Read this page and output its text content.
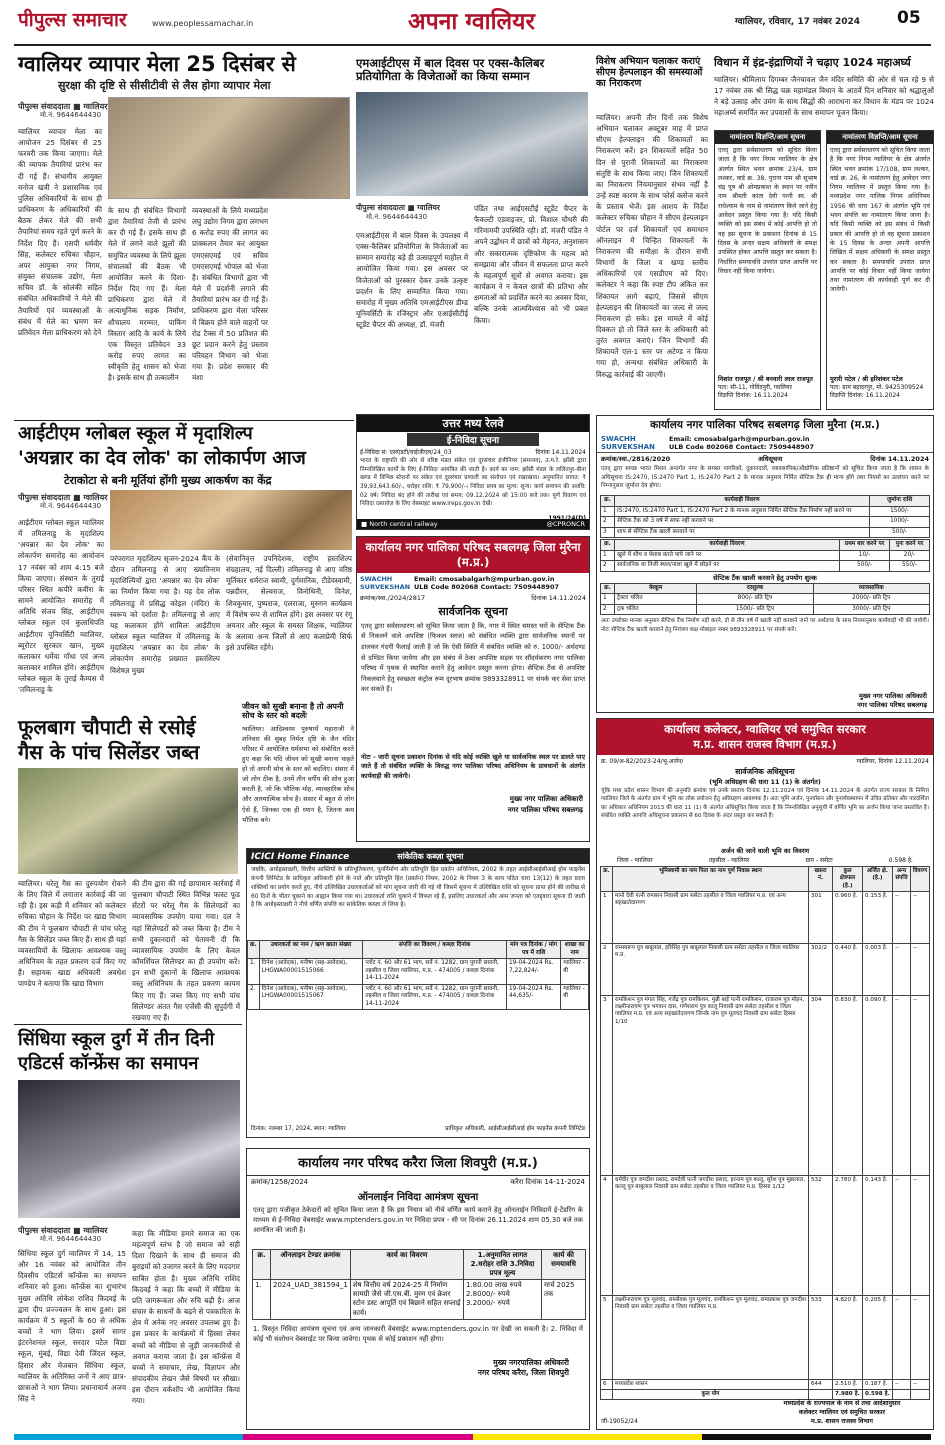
पीपुल्स समाचार	www.peoplessamachar.in	अपना ग्वालियर	ग्वालियर, रविवार, 17 नवंबर 2024 05
ग्वालियर व्यापार मेला 25 दिसंबर से
सुरक्षा की दृष्टि से सीसीटीवी से लैस होगा व्यापार मेला
पीपुल्स संवाददाता ■ ग्वालियर
मो.नं. 9644644430
ग्वालियर व्यापार मेला का आयोजन 25 दिसंबर से 25 फरवरी तक किया जाएगा। मेले की व्यापक तैयारियां प्रारंभ कर दी गई हैं। संभागीय आयुक्त मनोज खत्री ने प्रशासनिक एवं पुलिस अधिकारियों के साथ ही प्राधिकरण के अधिकारियों की बैठक लेकर मेले की सभी तैयारियां समय रहते पूर्ण करने के निर्देश दिए हैं। एसपी धर्मवीर सिंह, कलेक्टर रुचिका चौहान, अपर आयुक्त नगर निगम, संयुक्त संचालक उद्योग, मेला सचिव डॉ. के सोलंकी सहित संबंधित अधिकारियों ने मेले की तैयारियों एवं व्यवस्थाओं के संबंध में मेले का भ्रमण कर प्रतिवेदन मेला प्राधिकरण को देने
के साथ ही संबंधित विभागों द्वारा तैयारियां तेजी से प्रारंभ कर दी गई हैं। इसके साथ ही मेले में लगने वाले झूलों की समुचित व्यवस्था के लिये झूला संचालकों की बैठक भी आयोजित करने के दिशा-निर्देश दिए गए हैं। मेला प्राधिकरण द्वारा मेले में अत्याधुनिक सड़क निर्माण, शौचालय मरम्मत, पाकिंग विस्तार आदि के कार्य के लिये एक विस्तृत प्रतिवेदन 33 करोड़ रुपए लागत का स्वीकृति हेतु शासन को भेजा है। इसके साथ ही तत्कालीन
व्यवस्थाओं के लिये मध्यप्रदेश लघु उद्योग निगम द्वारा लगभग 6 करोड़ रुपए की लागत का प्राक्कलन तैयार कर आयुक्त एमएसएमई एवं सचिव एमएसएमई भोपाल को भेजा है। संबंधित विभागों द्वारा भी मेले में प्रदर्शनी लगाने की तैयारियां प्रारंभ कर दी गई हैं। प्राधिकरण द्वारा मेला परिसर में बिक्रय होने वाले वाहनों पर रोड टैक्स में 50 प्रतिशत की छूट प्रदान करने हेतु प्रस्ताव परिवहन विभाग को भेजा गया है। प्रदेश सरकार की मंशा
एमआईटीएस में बाल दिवस पर एक्स-कैलिबर प्रतियोगिता के विजेताओं का किया सम्मान
पीपुल्स संवाददाता ■ ग्वालियर
मो.नं. 9644644430
एमआईटीएस में बाल दिवस के उपलक्ष्य में एक्स-कैलिबर प्रतियोगिता के विजेताओं का सम्मान समारोह बड़े ही उत्साहपूर्ण माहौल में आयोजित किया गया। इस अवसर पर विजेताओं को पुरस्कार देकर उनके उत्कृष्ट प्रदर्शन के लिए सम्मानित किया गया। समारोह में मुख्य अतिथि एमआईटीएस डीम्ड यूनिवर्सिटी के रजिस्ट्रार और एआईसीटीई स्टूडेंट चैप्टर की अध्यक्ष, डॉ. मंजरी
पंडित तथा आईएसटीई स्टूडेंट चैप्टर के फैकल्टी एडवाइजर, प्रो. विशाल चौधरी की गरिमामयी उपस्थिति रही। डॉ. मंजरी पंडित ने अपने उद्बोधन में छात्रों को मेहनत, अनुशासन और सकारात्मक दृष्टिकोण के महत्व को समझाया और जीवन में सफलता प्राप्त करने के महत्वपूर्ण सूत्रों से अवगत कराया। इस कार्यक्रम ने न केवल छात्रों की प्रतिभा और क्षमताओं को प्रदर्शित करने का अवसर दिया, बल्कि उनके आत्मविश्वास को भी प्रबल किया।
विशेष अभियान चलाकर कराएं सीएम हेल्पलाइन की समस्याओं का निराकरण
ग्वालियर। अपनी तीन दिनों तक विशेष अभियान चलाकर अक्टूबर माह में प्राप्त सीएम हेल्पलाइन की शिकायतों का निराकरण करें। इन शिकायतों सहित 50 दिन से पुरानी शिकायतों का निराकरण संतुष्टि के साथ किया जाए। जिन शिकायतों का निराकरण नियमानुसार संभव नहीं है उन्हें स्पष्ट कारण के साथ फोर्स क्लोज करने के प्रस्ताव भेजें। इस आशय के निर्देश कलेक्टर रुचिका चौहान ने सीएम हेल्पलाइन पोर्टल पर दर्ज शिकायतों एवं समाधान ऑनलाइन में चिन्हित शिकायतों के निराकरण की समीक्षा के दौरान सभी विभागों के जिला व खण्ड स्तरीय अधिकारियों एवं एसडीएम को दिए। कलेक्टर ने कहा कि स्पष्ट टीप अंकित कर शिकायत आगे बढ़ाएं, जिससे सीएम हेल्पलाइन की शिकायतों का जल्द से जल्द निराकरण हो सके। इस मामले में कोई दिक्कत हो तो जिले स्तर के अधिकारी को तुरंत अवगत कराएं। जिन विभागों की शिकायतें एल-1 स्तर पर अटेण्ड न किया गया हो, अन्यथा संबंधित अधिकारी के विरुद्ध कार्रवाई की जाएगी।
विधान में इंद्र-इंद्राणियों ने चढ़ाए 1024 महाअर्घ्य
ग्वालियर। श्रीमिलाप दिगम्बर जैनचावल जैन मंदिर समिति की ओर से चल रहे 9 से 17 नवंबर तक श्री सिद्ध चक्र महामंडल विधान के आठवें दिन शनिवार को श्रद्धालुओं ने बड़े उत्साह और उमंग के साथ सिद्धों की आराधना कर विधान के मंडप पर 1024 महाअर्घ्य समर्पित कर उपवासों के साथ समापन पूजन किया।
नामांतरण विज्ञप्ति/आम सूचना
एतद् द्वारा सर्वसाधारण को सूचित किया जाता है कि नगर निगम ग्वालियर के क्षेत्र अंतर्गत स्थित भवन क्रमांक 23/4, ग्राम लश्कर, वार्ड क्र. 38, पुराना नाम श्री सुभाष चंद्र पुत्र श्री ओमप्रकाश के स्थान पर नवीन नाम श्रीमती कांता देवी पत्नी स्व. श्री राधेश्याम के नाम से नामांतरण किये जाने हेतु आवेदन प्रस्तुत किया गया है। यदि किसी व्यक्ति को इस संबंध में कोई आपत्ति हो तो वह इस सूचना के प्रकाशन दिनांक से 15 दिवस के अन्दर सक्षम अधिकारी के समक्ष उपस्थित होकर आपत्ति प्रस्तुत कर सकता है। निर्धारित समयावधि उपरांत प्राप्त आपत्ति पर विचार नहीं किया जायेगा।
निशांत राजपूत / श्री बनवारी लाल राजपूत
पता: सी-11, गोविंदपुरी, ग्वालियर
विज्ञप्ति दिनांक: 16.11.2024
नामांतरण विज्ञप्ति/आम सूचना
एतद् द्वारा सर्वसाधारण को सूचित किया जाता है कि नगर निगम ग्वालियर के क्षेत्र अंतर्गत स्थित भवन क्रमांक 17/108, ग्राम लश्कर, वार्ड क्र. 26, के नामांतरण हेतु आवेदन नगर निगम ग्वालियर में प्रस्तुत किया गया है। मध्यप्रदेश नगर पालिक निगम अधिनियम 1956 की धारा 167 के अंतर्गत भूमि एवं भवन संपत्ति का नामांतरण किया जाना है। यदि किसी व्यक्ति को इस संबंध में किसी प्रकार की आपत्ति हो तो वह सूचना प्रकाशन के 15 दिवस के अन्दर अपनी आपत्ति लिखित में सक्षम अधिकारी के समक्ष प्रस्तुत कर सकता है। समयावधि उपरांत प्राप्त आपत्ति पर कोई विचार नहीं किया जायेगा तथा नामांतरण की कार्यवाही पूर्ण कर दी जायेगी।
मुरारी पटेल / श्री हरिशंकर पटेल
पता: ग्राम बहादरपुर, मो. 9425309524
विज्ञप्ति दिनांक: 16.11.2024
आईटीएम ग्लोबल स्कूल में मृदाशिल्प
'अयन्नार का देव लोक' का लोकार्पण आज
टेराकोटा से बनी मूर्तियां होंगी मुख्य आकर्षण का केंद्र
पीपुल्स संवाददाता ■ ग्वालियर
मो.नं. 9644644430
आईटीएम ग्लोबल स्कूल ग्वालियर में तमिलनाडु के मृदाशिल्प 'अयन्नार का देव लोक' का लोकार्पण समारोह का आयोजन 17 नवंबर को शाम 4:15 बजे किया जाएगा। संस्थान के तुराई परिसर स्थित कपीरे कवीरा के सामने आयोजित समारोह में अतिथि संजय सिंह, आईटीएम ग्लोबल स्कूल एवं कुलाधिपति आईटीएम यूनिवर्सिटी ग्वालियर, ब्यूरोटर सुरकार खान, मुख्य कलाकार धर्मेया गाँधा एवं अन्य कलाकार शामिल होंगे। आईटीएम ग्लोबल स्कूल के तुराई कैम्पस में 'तमिलनाडु के
परंपरागत मृदाशिल्प सृजन-2024 कैंप के दौरान तमिलनाडु से आए ख्यातिनाम मृदाशिल्पियों द्वारा 'अयन्नार का देव लोक' का निर्माण किया गया है। यह देव लोक तमिलनाडु में प्रसिद्ध कोइल (मंदिर) के स्वरूप को दर्शाता है। तमिलनाडु से आए यह कलाकार होंगे शामिलः आईटीएम ग्लोबल स्कूल ग्वालियर में तमिलनाडु के मृदाशिल्प 'अयन्नार का देव लोक' के लोकार्पण समारोह प्रख्यात हस्तशिल्प विशेषज्ञ मुख्य
(सेवानिवृत्त उपनिदेशक, राष्ट्रीय हस्तशिल्प संग्रहालय, नई दिल्ली) तमिलनाडु से आए वरिष्ठ मूर्तिकार धर्मराज स्वामी, दुर्गमानिक, टीडेवस्वामी, पन्नदीरन, सेल्वराज, विनोथिनी, विनेश, शिवकुमार, पुष्पराज, एलराजा, मुरुगन कार्यक्रम में विशेष रूप से शामिल होंगे। इस अवसर पर रंगू अयनार और स्कूल के समस्त शिक्षक, ग्वालियर के अलावा अन्य जिलों से आए कलाप्रेमी सिर्फ इसे उपस्थित रहेंगे।
जीवन को सुखी बनाना है तो अपनी सोच के स्तर को बदलेंः
ग्वालियर। आदिश्वरम पुरुषार्थ महाराजी ने शनिवार की सुबह निर्मल दृष्टि के जैन मंदिर परिसर में आयोजित धर्मसभा को संबोधित करते हुए कहा कि यदि जीवन को सुखी बनाना चाहते हो तो अपनी सोच के स्तर को बदलिए। संसार में जो लोग ठीक है, उनमें तीन वर्गीय की सोच हुआ करती है, जो कि भौतिक मोह, व्यावहारिक सोच और आध्यात्मिक सोच है। संसार में बहुत से लोग ऐसे हैं, जिनका एक ही ध्यान है, जितना कम भौतिक बने।
फूलबाग चौपाटी से रसोई
गैस के पांच सिलेंडर जब्त
ग्वालियर। घरेलू गैस का दुरुपयोग रोकने के लिए जिले में लगातार कार्रवाई की जा रही है। इस कड़ी में शनिवार को कलेक्टर रुचिका चौहान के निर्देश पर खाद्य विभाग की टीम ने फूलबाग चौपाटी से पांच घरेलू गैस के सिलेंडर जब्त किए हैं। साथ ही यहां व्यवसायियों के खिलाफ आवश्यक वस्तु अधिनियम के तहत प्रकरण दर्ज किए गए हैं। सहायक खाद्य अधिकारी अवधेश पाण्डेय ने बताया कि खाद्य विभाग
की टीम द्वारा की गई छापामार कार्रवाई में फूलबाग चौपाटी स्थित विभिन्न फास्ट फूड सेंटरों पर घरेलू गैस के सिलेण्डरों का व्यावसायिक उपयोग पाया गया। दल ने यहां सिलेण्डरों को जब्त किया है। टीम ने सभी दुकानदारों को चेतावनी दी कि व्यावसायिक उपयोग के लिए केवल कॉमर्शियल सिलेण्डर का ही उपयोग करें। इन सभी दुकानों के खिलाफ आवश्यक वस्तु अधिनियम के तहत प्रकरण कायम किए गए हैं। जब्त किए गए सभी पांच सिलेण्डर अंतत गैस एजेंसी की सुपुर्दगी में रखवाए गए हैं।
सिंधिया स्कूल दुर्ग में तीन दिनी
एडिटर्स कॉन्फ्रेंस का समापन
पीपुल्स संवाददाता ■ ग्वालियर
मो.नं. 9644644430
सिंधिया स्कूल दुर्ग ग्वालियर में 14, 15 और 16 नवंबर को आयोजित तीन दिवसीय एडिटर्स कॉन्फ्रेंस का समापन शनिवार को हुआ। कॉन्फ्रेंस का शुभारंभ मुख्य अतिथि लोकेश राशिद किदवई के द्वारा दीप प्रज्ज्वलन के साथ हुआ। इस कार्यक्रम में 5 स्कूलों के 60 से अधिक बच्चों ने भाग लिया। इसमें सागर इंटरनेशनल स्कूल, सरदार पटेल विद्या स्कूल, मुंबई, विद्या देवी जिंदल स्कूल, हिसार और मेजबान सिंधिया स्कूल, ग्वालियर के अतिरिक्त जनों ने आए छात्र-छात्राओं ने भाग लिया। प्रधानाचार्य अजय सिंह ने
कहा कि मीडिया हमारे समाज का एक महत्वपूर्ण स्तंभ है जो समाज को सही दिशा दिखाने के साथ ही समाज की बुराइयों को उजागर करने के लिए मददगार साबित होता है। मुख्य अतिथि राशिद किदवई ने कहा कि बच्चों में मीडिया के प्रति जागरूकता और रुचि बढ़ी है। आज संचार के साधनों के बढ़ने से पत्रकारिता के क्षेत्र में अनेक नए अवसर उपलब्ध हुए हैं। इस प्रकार के कार्यक्रमों में हिस्सा लेकर बच्चों को मीडिया से जुड़ी जानकारियों से अवगत कराया जाता है। इस कॉन्फ्रेंस में बच्चों ने समाचार, लेख, विज्ञापन और संपादकीय लेखन जैसे विषयों पर सीखा। इस दौरान वर्कशॉप भी आयोजित किया गया।
उत्तर मध्य रेलवे
ई-निविदा सूचना
ई-निविदा सं: एसएंडटी/वाईजीएल/24_03	दिनांक 14.11.2024
भारत के राष्ट्रपति की ओर से वरिष्ठ मंडल संकेत एवं दूरसंचार इंजीनियर (समन्वय), उ.म.रे. झाँसी द्वारा निम्नलिखित कार्यों के लिए ई-निविदा आमंत्रित की जाती है। कार्य का नाम: झाँसी मंडल के ललितपुर-बीना खण्ड में विभिन्न स्टेशनों पर संकेत एवं दूरसंचार प्रणाली का संशोधन एवं रखरखाव। अनुमानित लागत: ₹ 39,93,643.60/-, धरोहर राशि: ₹ 79,900/-। निविदा प्रपत्र का मूल्य: शून्य। कार्य समापन की अवधि: 02 वर्ष। निविदा बंद होने की तारीख एवं समय: 09.12.2024 को 15:00 बजे तक। पूर्ण विवरण एवं निविदा दस्तावेज़ के लिए वेबसाइट www.ireps.gov.in देखें।
■ North central railway	@CPRONCR
कार्यालय नगर पालिका परिषद सबलगढ़ जिला मुरैना (म.प्र.)
SWACHH SURVEKSHAN
Email: cmosabalgarh@mpurban.gov.in
ULB Code 802068 Contact: 7509448907
क्रमांक/स्वा./2024/2817	दिनांक 14.11.2024
सार्वजनिक सूचना
एतद् द्वारा सर्वसाधारण को सूचित किया जाता है कि, नगर में स्थित समस्त घरों के सेप्टिक टैंक से निकलने वाले अपशिष्ट (फिकल स्लज) को संबंधित व्यक्ति द्वारा सार्वजनिक स्थानों पर डालकर गंदगी फैलाई जाती है जो कि ऐसी स्थिति में संबंधित व्यक्ति को रु. 1000/- अर्थदण्ड से दण्डित किया जायेगा और इस संबंध में ठेका अपशिष्ट सड़क पर सौंदर्यकरण नगर पालिका परिषद में पृथक से स्थापित कराने हेतु आवेदन प्रस्तुत करना होगा। सेप्टिक टैंक से अपशिष्ट निकलवाने हेतु स्वच्छता कंट्रोल रूम दूरभाष क्रमांक 9893328911 पर संपर्क कर सेवा प्राप्त कर सकते हैं।
नोटः - जारी सूचना प्रकाशन दिनांक से यदि कोई व्यक्ति खुले या सार्वजनिक स्थल पर डालते पाए जाते हैं तो संबंधित व्यक्ति के विरुद्ध नगर पालिका परिषद अधिनियम के प्रावधानों के अंतर्गत कार्यवाही की जावेगी।
मुख्य नगर पालिका अधिकारी
नगर पालिका परिषद सबलगढ़
ICICI Home Finance	सांकेतिक कब्ज़ा सूचना
जबकि, अधोहस्ताक्षरी, वित्तीय आस्तियों के प्रतिभूतिकरण, पुनर्निर्माण और प्रतिभूति हित प्रवर्तन अधिनियम, 2002 के तहत आईसीआईसीआई होम फाइनेंस कंपनी लिमिटेड के प्राधिकृत अधिकारी होने के नाते और प्रतिभूति हित (प्रवर्तन) नियम, 2002 के नियम 3 के साथ पठित धारा 13(12) के तहत प्रदत्त शक्तियों का प्रयोग करते हुए, नीचे उल्लिखित उधारकर्ताओं को मांग सूचना जारी की गई थी जिसमें सूचना में उल्लिखित राशि को सूचना प्राप्त होने की तारीख से 60 दिनों के भीतर चुकाने का आह्वान किया गया था। उधारकर्ता राशि चुकाने में विफल रहे हैं, इसलिए उधारकर्ता और आम जनता को एतद्द्वारा सूचना दी जाती है कि अधोहस्ताक्षरी ने नीचे वर्णित संपत्ति का सांकेतिक कब्ज़ा ले लिया है।
क्र.	उधारकर्ता का नाम / ऋण खाता संख्या	संपत्ति का विवरण / कब्ज़ा दिनांक	मांग पत्र दिनांक / मांग पत्र में राशि	शाखा का नाम
1.	दिनेश (आवेदक), मनीषा (सह-आवेदक), LHGWA00001515066	प्लॉट नं. 60 और 61 भाग, सर्वे नं. 1282, ग्राम पुरानी छावनी, तहसील व जिला ग्वालियर, म.प्र. - 474005 / कब्ज़ा दिनांक 14-11-2024	19-04-2024 Rs. 7,22,824/-	ग्वालियर - बी
2.	दिनेश (आवेदक), मनीषा (सह-आवेदक), LHGWA00001515067	प्लॉट नं. 60 और 61 भाग, सर्वे नं. 1282, ग्राम पुरानी छावनी, तहसील व जिला ग्वालियर, म.प्र. - 474005 / कब्ज़ा दिनांक 14-11-2024	19-04-2024 Rs. 44,635/-	ग्वालियर - बी
दिनांक: नवम्बर 17, 2024, स्थान: ग्वालियर	प्राधिकृत अधिकारी, आईसीआईसीआई होम फाइनेंस कंपनी लिमिटेड
कार्यालय नगर परिषद करैरा जिला शिवपुरी (म.प्र.)
क्रमांक/1258/2024	करैरा दिनांक 14-11-2024
ऑनलाईन निविदा आमंत्रण सूचना
एतद् द्वारा पंजीकृत ठेकेदारों को सूचित किया जाता है कि इस नियाय को नीचे वर्णित कार्य कराने हेतु ऑनलाईन निविदायें ई-टेंडरिंग के माध्यम से ई-निविदा वेबसाईट www.mptenders.gov.in पर निविदा प्रपत्र - सी पर दिनांक 26.11.2024 शाम 05.30 बजे तक आमंत्रित की जाती है।
क्र.	ऑनलाइन टेण्डर क्रमांक	कार्य का विवरण	1.अनुमानित लागत 2.धरोहर राशि 3.निविदा प्रपत्र मूल्य	कार्य की समयावधि
1.	2024_UAD_381594_1	शेष वित्तीय वर्ष 2024-25 में निर्माण सामग्री जैसे जी.एस.बी. मुरम एवं क्रेशर स्टोन डस्ट आपूर्ति एवं बिछाने सहित सप्लाई कार्य।	1.80.00 लाख रुपये 2.8000/- रुपये 3.2000/- रुपये	मार्च 2025 तक
1. विस्तृत निविदा आमंत्रण सूचना एवं अन्य जानकारी वेबसाईट www.mptenders.gov.in पर देखी जा सकती है। 2. निविदा में कोई भी संशोधन वेबसाईट पर किया जावेगा। पृथक से कोई प्रकाशन नहीं होगा।
मुख्य नगरपालिका अधिकारी
नगर परिषद करैरा, जिला शिवपुरी
कार्यालय नगर पालिका परिषद सबलगढ़ जिला मुरैना (म.प्र.)
SWACHH SURVEKSHAN
Email: cmosabalgarh@mpurban.gov.in
ULB Code 802068 Contact: 7509448907
क्रमांक/स्वा./2816/2020	अधिसूचना	दिनांक 14.11.2024
एतद् द्वारा स्वच्छ भारत मिशन अन्तर्गत नगर के समस्त नागरिकों, दुकानदारों, व्यावसायिक/औद्योगिक प्रतिष्ठानों को सूचित किया जाता है कि शासन के अधिसूचना IS:2470, IS:2470 Part 1, IS:2470 Part 2 के मानक अनुसार निर्मित सेप्टिक टैंक ही मान्य होंगे तथा नियमों का उल्लंघन करने पर निम्नानुसार जुर्माना देय होगा।
क्र.	कार्यवाही विवरण	जुर्माना राशि
1	IS:2470, IS:2470 Part 1, IS:2470 Part 2 के मानक अनुसार निर्मित सेप्टिक टैंक निर्माण नहीं करने पर	1500/-
2	सेप्टिक टैंक को 3 वर्ष में साफ नहीं करवाने पर	1000/-
3	शाप से सेप्टिक टैंक खाली करवाने पर	500/-
क्र.	कार्यवाही विवरण	प्रथम बार करने पर	पुनः करने पर
1	खुले में शौच व पेशाब करते पाये जाने पर	10/-	20/-
2	सार्वजनिक या निजी स्थल/नाला खुले में छोड़ने पर	500/-	550/-
सेप्टिक टैंक खाली करवाने हेतु उपयोग शुल्क
क्र.	वेस्कूम	दरशुल्क	व्यावसायिक
1	ट्रैक्टर चलित	800/- प्रति ट्रिप	2000/- प्रति ट्रिप
2	ट्रक चलित	1500/- प्रति ट्रिप	3000/- प्रति ट्रिप
अतः उपरोक्त मानक अनुसार सेप्टिक टैंक निर्माण नहीं करने, दो से तीन वर्ष में खाली नहीं करवाने जाने पर अर्थदण्ड के साथ नियमानुसार कार्यवाही भी की जायेगी। नोटः सेप्टिक टैंक खाली करवाने हेतु नियंत्रण कक्ष मोबाइल नम्बर 9893328911 पर संपर्क करें।
मुख्य नगर पालिका अधिकारी
नगर पालिका परिषद सबलगढ़
कार्यालय कलेक्टर, ग्वालियर एवं समुचित सरकार
म.प्र. शासन राजस्व विभाग (म.प्र.)
क्र. 09/अ-82/2023-24/भू-अर्जन/	ग्वालियर, दिनांक 12.11.2024
सार्वजनिक अधिसूचना
(भूमि अधिग्रहण की धारा 11 (1) के अंतर्गत)
चूंकि मध्य प्रदेश शासन विभाग की अनुमति क्रमांक एवं उनके प्रस्ताव दिनांक 12.11.2024 एवं दिनांक 14.11.2024 के अंतर्गत राज्य सरकार के निमित्त ग्वालियर जिले के अंतर्गत ग्राम में भूमि का लोक प्रयोजन हेतु अधिग्रहण आवश्यक है। अतः भूमि अर्जन, पुनर्वासन और पुनर्व्यवस्थापन में उचित प्रतिकर और पारदर्शिता का अधिकार अधिनियम 2013 की धारा 11 (1) के अंतर्गत अधिसूचित किया जाता है कि निम्नलिखित अनुसूची में वर्णित भूमि का अर्जन किया जाना प्रस्तावित है। संबंधित व्यक्ति आपत्ति अधिसूचना प्रकाशन से 60 दिवस के अंदर प्रस्तुत कर सकते हैं।
अर्जन की जाने वाली भूमि का विवरण
जिला - ग्वालियर	तहसील - ग्वालियर	ग्राम - ससेटा	0.598 हे.
क्र.	भूमिस्वामी का नाम पिता का नाम पूर्ण निवास स्थान	खसरा नं.	कुल क्षेत्रफल (हे.)	अर्जित क्षे. (हे.)	अन्य संपत्ति	विवरण
1	मानो देवी पत्नी रामबरन निवासी ग्राम ससेटा तहसील व जिला ग्वालियर म.प्र. एवं अन्य सहखातेदारगण	301	0.960 हे.	0.153 हे.	--	--
2	रामस्वरूप पुत्र बाबूलाल, हरिसिंह पुत्र बाबूलाल निवासी ग्राम ससेटा तहसील व जिला ग्वालियर म.प्र.	302/2	0.440 हे.	0.003 हे.	--	--
3	रामकिशन पुत्र मंगल सिंह, गजेंद्र पुत्र रामकिशन, मुन्नी बाई पत्नी रामकिशन, राजाराम पुत्र मोहन, लक्ष्मीनारायण पुत्र भगवान दास, गणेशराम पुत्र कालू निवासी ग्राम ससेटा तहसील व जिला ग्वालियर म.प्र. एवं अन्य सहखातेदारगण जिनके नाम पुत्र मूलचंद निवासी ग्राम ससेटा हिस्सा 1/10	304	0.830 हे.	0.090 हे.	--	--
4	धर्मवीर पुत्र जगदीश प्रसाद, रामदेवी पत्नी जगदीश प्रसाद, हरनाम पुत्र कालू, सुरेश पुत्र मुन्नालाल, कल्लू पुत्र बाबूलाल निवासी ग्राम ससेटा तहसील व जिला ग्वालियर म.प्र. हिस्सा 1/12	532	2.780 हे.	0.143 हे.	--	--
5	लक्ष्मीनारायण पुत्र मूलचंद, रामसेवक पुत्र मूलचंद, रामकिशन पुत्र मूलचंद, रामप्रकाश पुत्र जगदीश निवासी ग्राम ससेटा तहसील व जिला ग्वालियर म.प्र.	533	4.820 हे.	0.205 हे.	--	--
6	मध्यप्रदेश शासन	644	2.510 हे.	0.187 हे.	--	--
	कुल योग		7.980 हे.	0.598 हे.		
जी-19052/24
मध्यप्रदेश के राज्यपाल के नाम से तथा आदेशानुसार
कलेक्टर ग्वालियर एवं समुचित सरकार
म.प्र. शासन राजस्व विभाग
